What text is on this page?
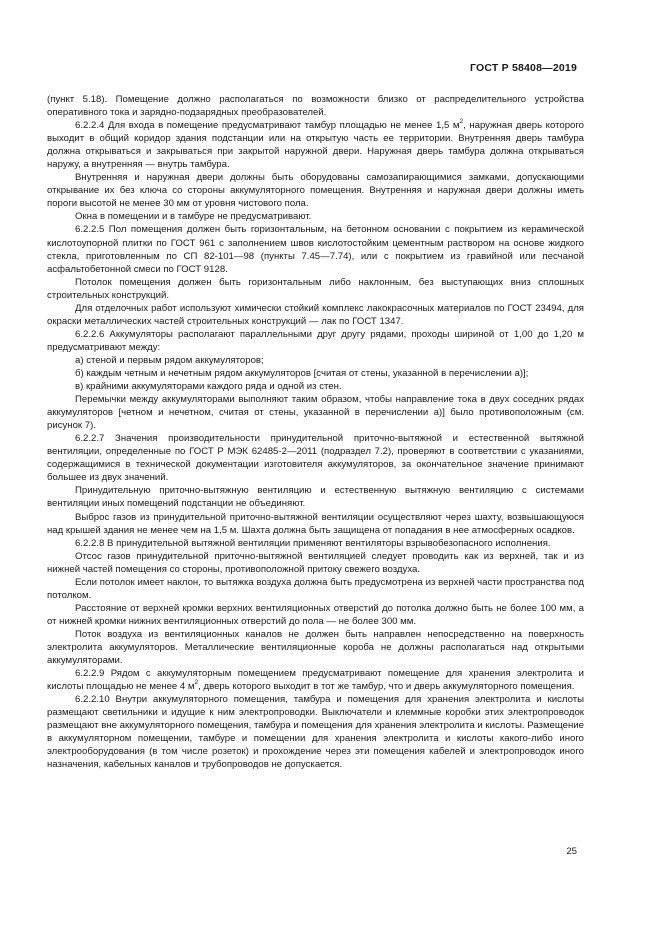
ГОСТ Р 58408—2019

(пункт 5.18). Помещение должно располагаться по возможности близко от распределительного устройства оперативного тока и зарядно-подзарядных преобразователей.

6.2.2.4 Для входа в помещение предусматривают тамбур площадью не менее 1,5 $м^2$, наружная дверь которого выходит в общий коридор здания подстанции или на открытую часть ее территории. Внутренняя дверь тамбура должна открываться и закрываться при закрытой наружной двери. Наружная дверь тамбура должна открываться наружу, а внутренняя — внутрь тамбура.

Внутренняя и наружная двери должны быть оборудованы самозапирающимися замками, допускающими открывание их без ключа со стороны аккумуляторного помещения. Внутренняя и наружная двери должны иметь пороги высотой не менее 30 мм от уровня чистового пола.

Окна в помещении и в тамбуре не предусматривают.

6.2.2.5 Пол помещения должен быть горизонтальным, на бетонном основании с покрытием из керамической кислотоупорной плитки по ГОСТ 961 с заполнением швов кислотостойким цементным раствором на основе жидкого стекла, приготовленным по СП 82-101—98 (пункты 7.45—7.74), или с покрытием из гравийной или песчаной асфальтобетонной смеси по ГОСТ 9128.

Потолок помещения должен быть горизонтальным либо наклонным, без выступающих вниз сплошных строительных конструкций.

Для отделочных работ используют химически стойкий комплекс лакокрасочных материалов по ГОСТ 23494, для окраски металлических частей строительных конструкций — лак по ГОСТ 1347.

6.2.2.6 Аккумуляторы располагают параллельными друг другу рядами, проходы шириной от 1,00 до 1,20 м предусматривают между:

а) стеной и первым рядом аккумуляторов;

б) каждым четным и нечетным рядом аккумуляторов [считая от стены, указанной в перечислении а)];

в) крайними аккумуляторами каждого ряда и одной из стен.

Перемычки между аккумуляторами выполняют таким образом, чтобы направление тока в двух соседних рядах аккумуляторов [четном и нечетном, считая от стены, указанной в перечислении а)] было противоположным (см. рисунок 7).

6.2.2.7 Значения производительности принудительной приточно-вытяжной и естественной вытяжной вентиляции, определенные по ГОСТ Р МЭК 62485-2—2011 (подраздел 7.2), проверяют в соответствии с указаниями, содержащимися в технической документации изготовителя аккумуляторов, за окончательное значение принимают большее из двух значений.

Принудительную приточно-вытяжную вентиляцию и естественную вытяжную вентиляцию с системами вентиляции иных помещений подстанции не объединяют.

Выброс газов из принудительной приточно-вытяжной вентиляции осуществляют через шахту, возвышающуюся над крышей здания не менее чем на 1,5 м. Шахта должна быть защищена от попадания в нее атмосферных осадков.

6.2.2.8 В принудительной вытяжной вентиляции применяют вентиляторы взрывобезопасного исполнения.

Отсос газов принудительной приточно-вытяжной вентиляцией следует проводить как из верхней, так и из нижней частей помещения со стороны, противоположной притоку свежего воздуха.

Если потолок имеет наклон, то вытяжка воздуха должна быть предусмотрена из верхней части пространства под потолком.

Расстояние от верхней кромки верхних вентиляционных отверстий до потолка должно быть не более 100 мм, а от нижней кромки нижних вентиляционных отверстий до пола — не более 300 мм.

Поток воздуха из вентиляционных каналов не должен быть направлен непосредственно на поверхность электролита аккумуляторов. Металлические вентиляционные короба не должны располагаться над открытыми аккумуляторами.

6.2.2.9 Рядом с аккумуляторным помещением предусматривают помещение для хранения электролита и кислоты площадью не менее 4 $м^2$, дверь которого выходит в тот же тамбур, что и дверь аккумуляторного помещения.

6.2.2.10 Внутри аккумуляторного помещения, тамбура и помещения для хранения электролита и кислоты размещают светильники и идущие к ним электропроводки. Выключатели и клеммные коробки этих электропроводок размещают вне аккумуляторного помещения, тамбура и помещения для хранения электролита и кислоты. Размещение в аккумуляторном помещении, тамбуре и помещении для хранения электролита и кислоты какого-либо иного электрооборудования (в том числе розеток) и прохождение через эти помещения кабелей и электропроводок иного назначения, кабельных каналов и трубопроводов не допускается.

25
